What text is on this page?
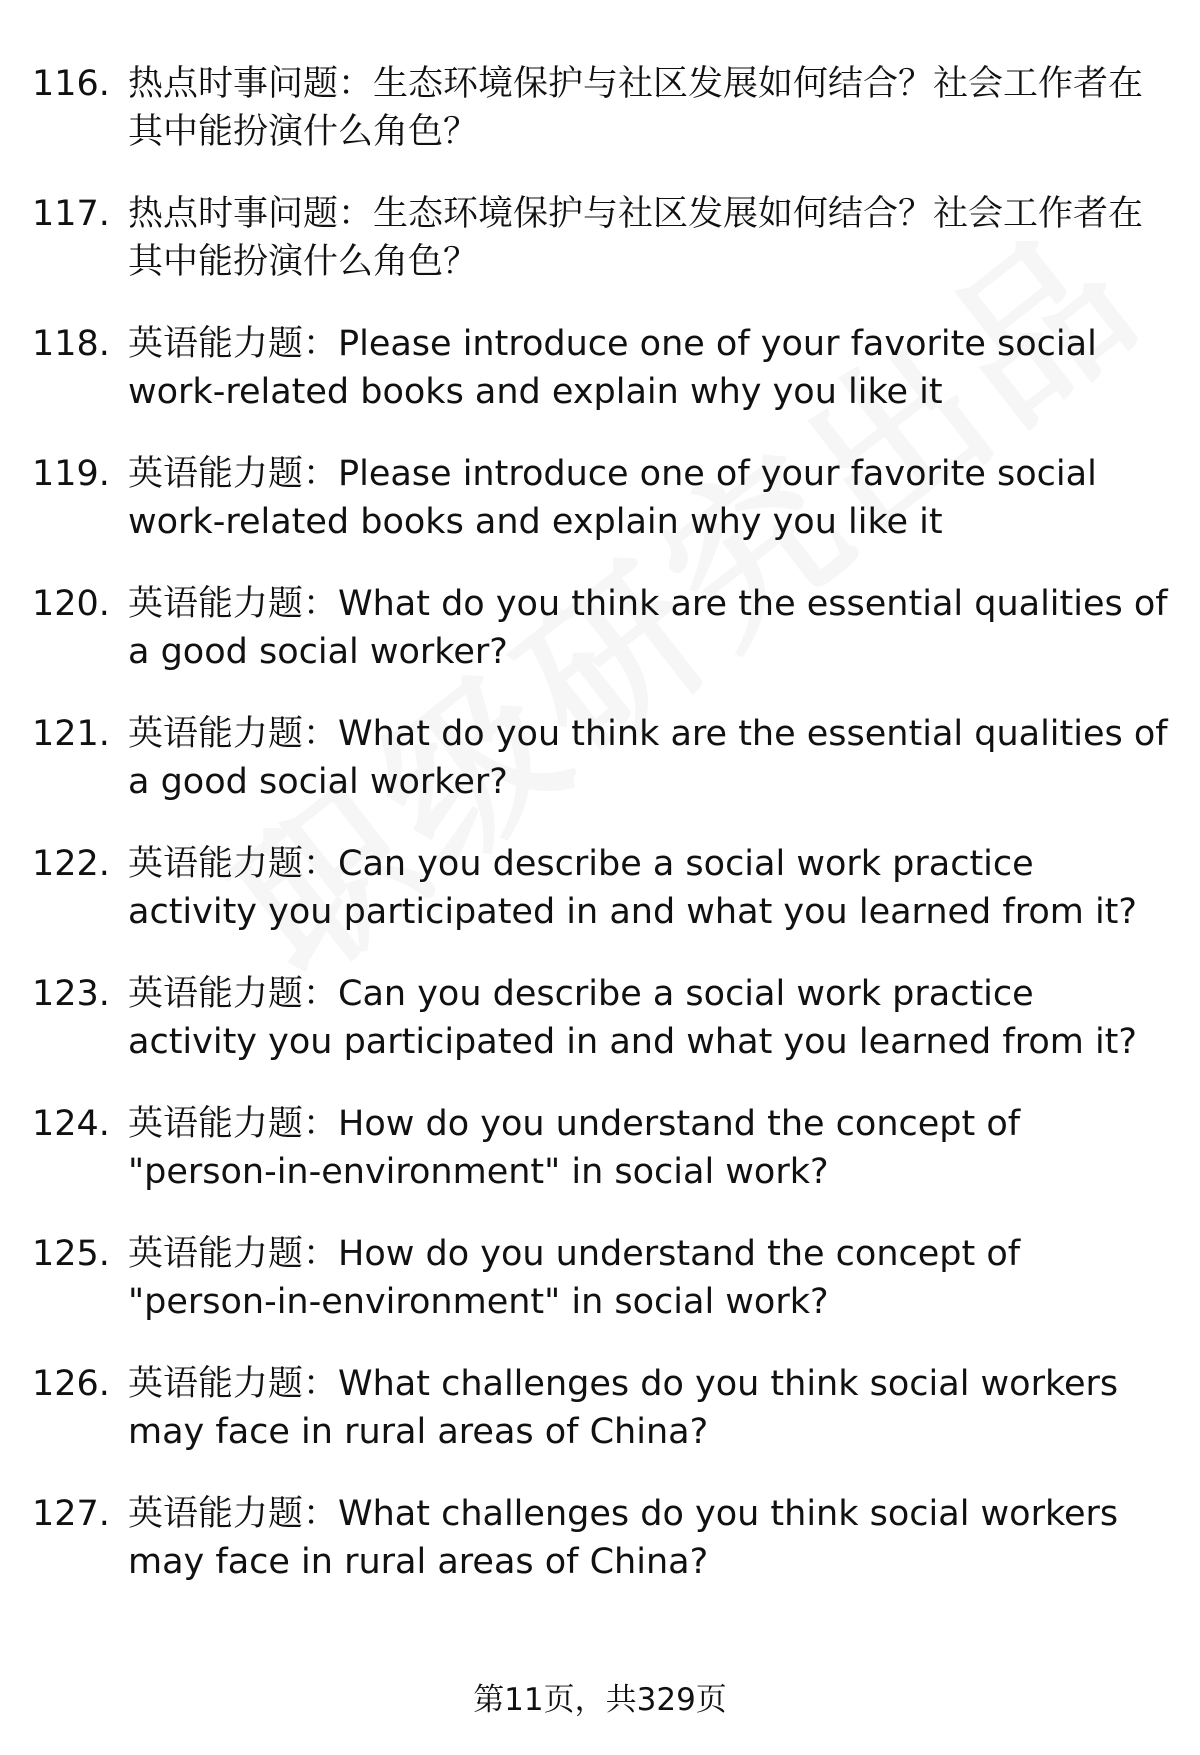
116. 热点时事问题：生态环境保护与社区发展如何结合？社会工作者在其中能扮演什么角色？
117. 热点时事问题：生态环境保护与社区发展如何结合？社会工作者在其中能扮演什么角色？
118. 英语能力题：Please introduce one of your favorite social work-related books and explain why you like it
119. 英语能力题：Please introduce one of your favorite social work-related books and explain why you like it
120. 英语能力题：What do you think are the essential qualities of a good social worker?
121. 英语能力题：What do you think are the essential qualities of a good social worker?
122. 英语能力题：Can you describe a social work practice activity you participated in and what you learned from it?
123. 英语能力题：Can you describe a social work practice activity you participated in and what you learned from it?
124. 英语能力题：How do you understand the concept of "person-in-environment" in social work?
125. 英语能力题：How do you understand the concept of "person-in-environment" in social work?
126. 英语能力题：What challenges do you think social workers may face in rural areas of China?
127. 英语能力题：What challenges do you think social workers may face in rural areas of China?
第11页，共329页
